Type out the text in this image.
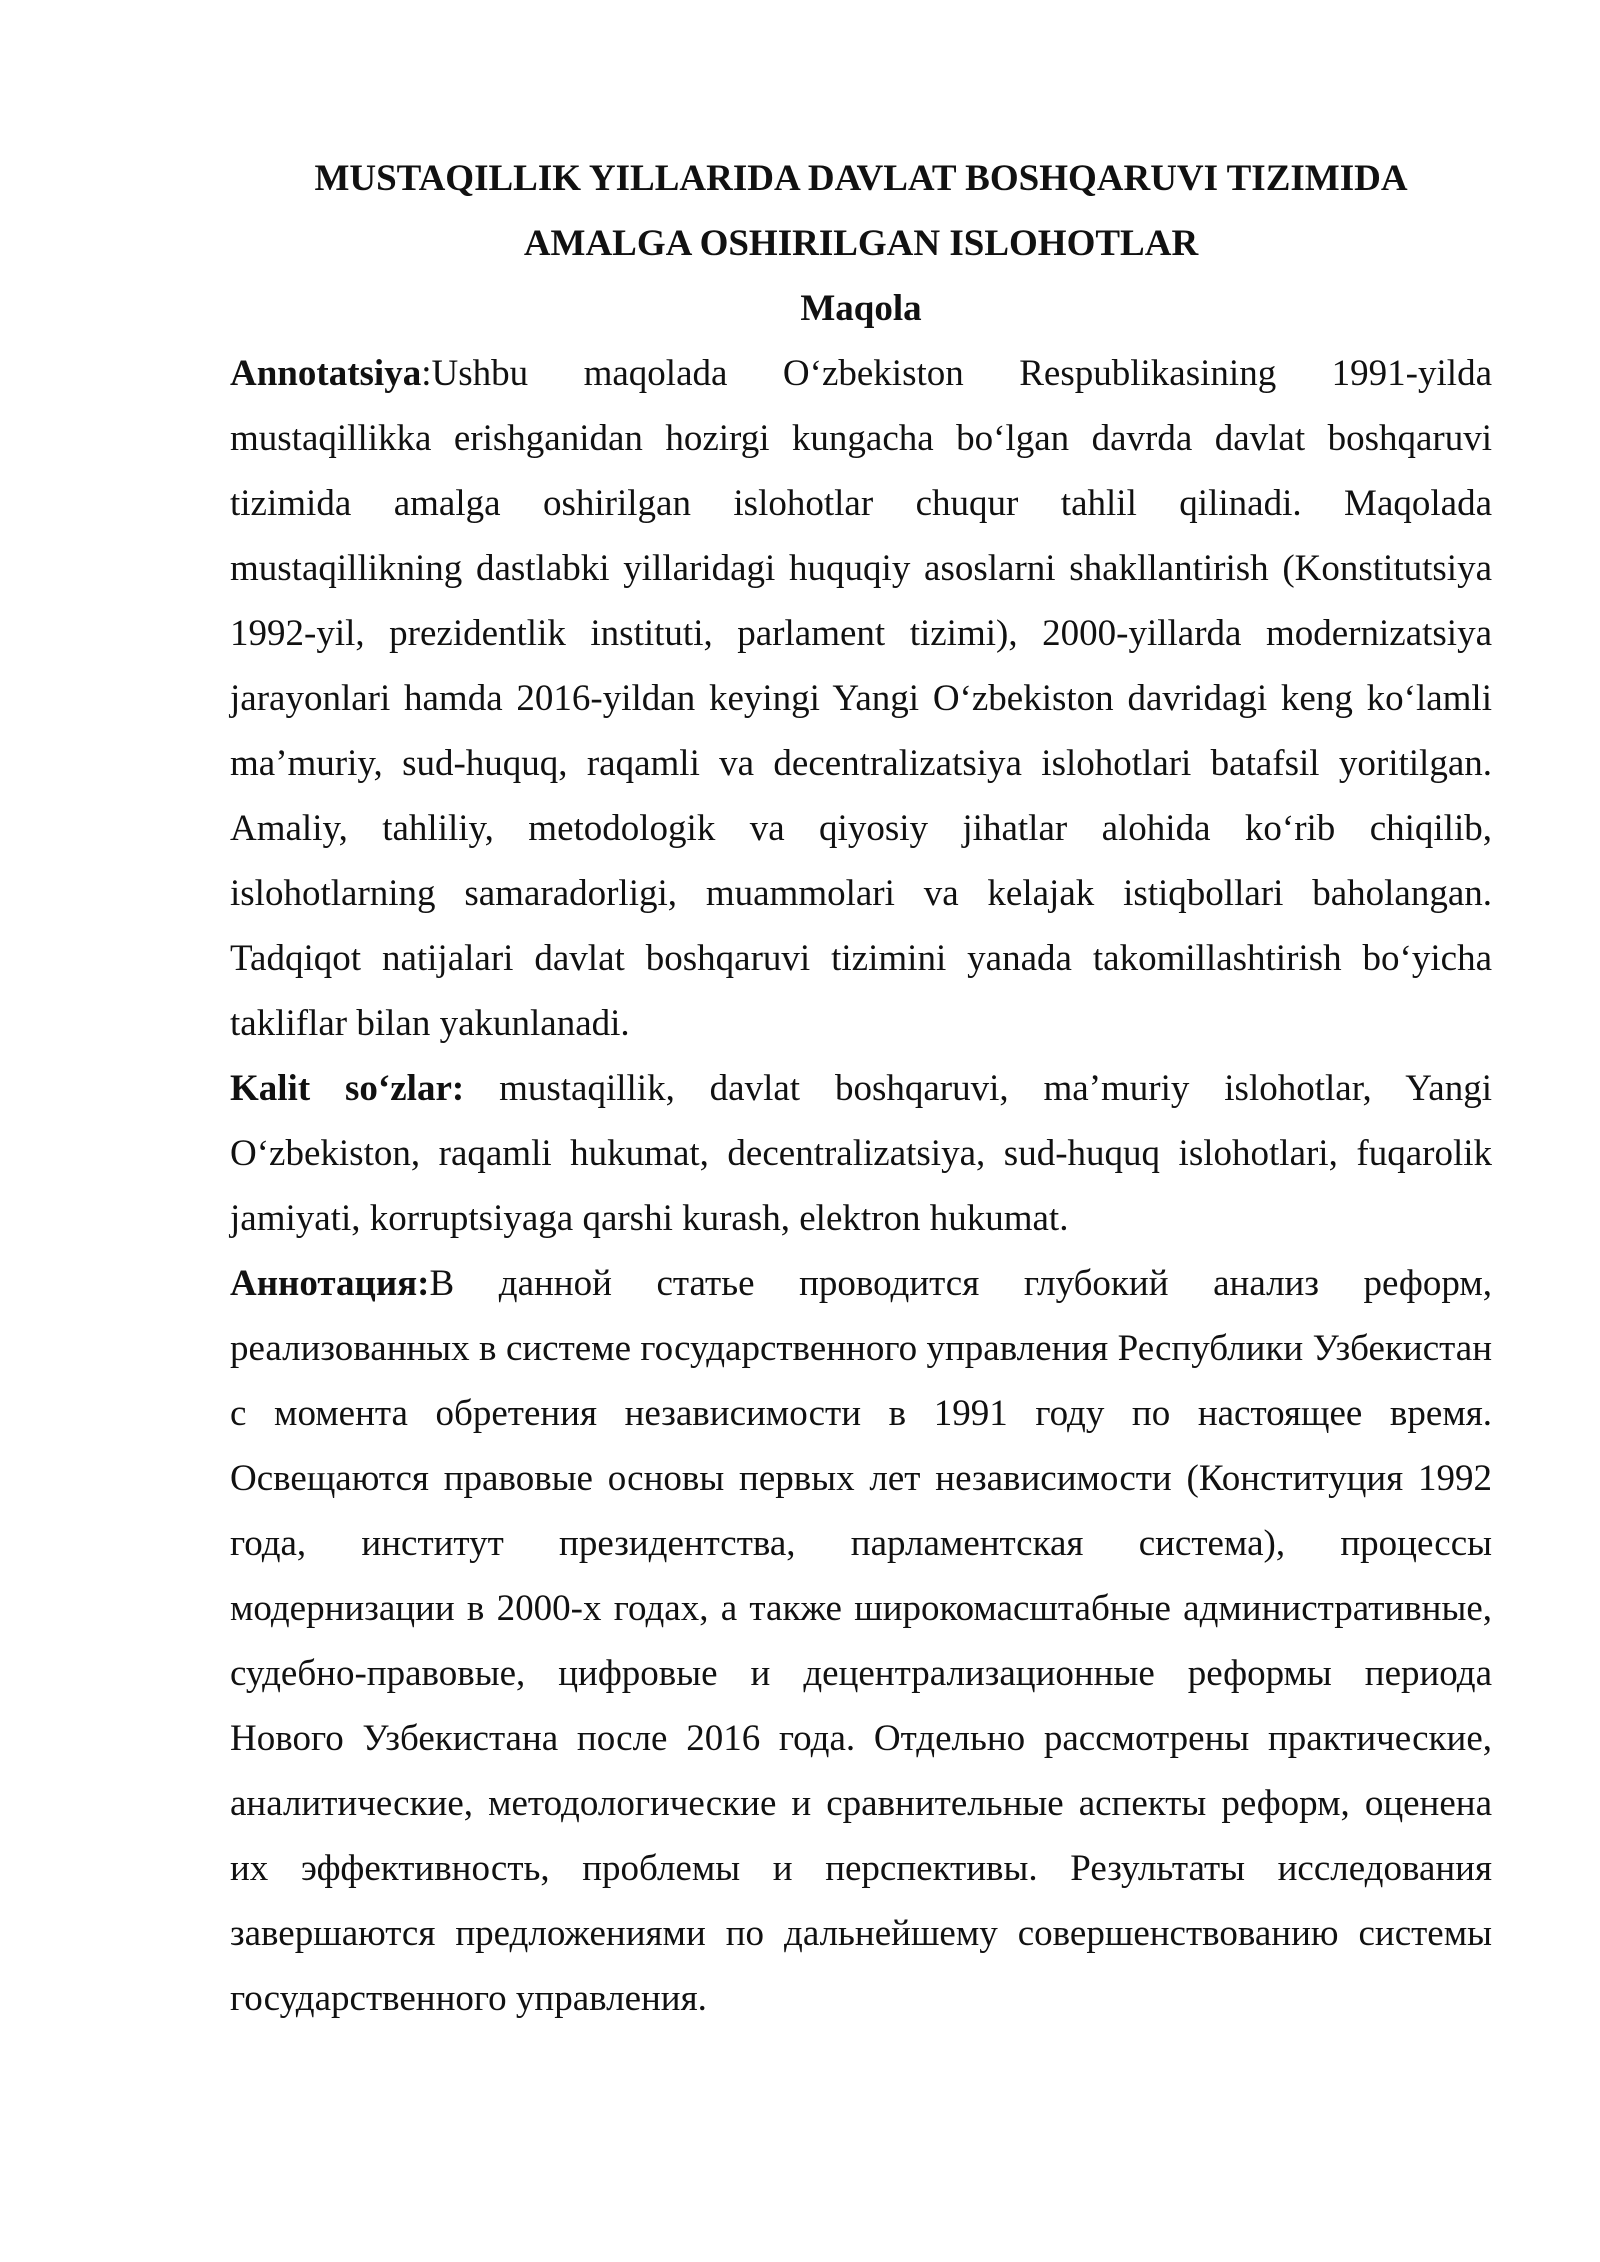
MUSTAQILLIK YILLARIDA DAVLAT BOSHQARUVI TIZIMIDA
AMALGA OSHIRILGAN ISLOHOTLAR

Maqola

Annotatsiya:Ushbu maqolada O‘zbekiston Respublikasining 1991-yilda mustaqillikka erishganidan hozirgi kungacha bo‘lgan davrda davlat boshqaruvi tizimida amalga oshirilgan islohotlar chuqur tahlil qilinadi. Maqolada mustaqillikning dastlabki yillaridagi huquqiy asoslarni shakllantirish (Konstitutsiya 1992-yil, prezidentlik instituti, parlament tizimi), 2000-yillarda modernizatsiya jarayonlari hamda 2016-yildan keyingi Yangi O‘zbekiston davridagi keng ko‘lamli ma’muriy, sud-huquq, raqamli va decentralizatsiya islohotlari batafsil yoritilgan. Amaliy, tahliliy, metodologik va qiyosiy jihatlar alohida ko‘rib chiqilib, islohotlarning samaradorligi, muammolari va kelajak istiqbollari baholangan. Tadqiqot natijalari davlat boshqaruvi tizimini yanada takomillashtirish bo‘yicha takliflar bilan yakunlanadi.

Kalit so‘zlar: mustaqillik, davlat boshqaruvi, ma’muriy islohotlar, Yangi O‘zbekiston, raqamli hukumat, decentralizatsiya, sud-huquq islohotlari, fuqarolik jamiyati, korruptsiyaga qarshi kurash, elektron hukumat.

Аннотация:В данной статье проводится глубокий анализ реформ, реализованных в системе государственного управления Республики Узбекистан с момента обретения независимости в 1991 году по настоящее время. Освещаются правовые основы первых лет независимости (Конституция 1992 года, институт президентства, парламентская система), процессы модернизации в 2000-х годах, а также широкомасштабные административные, судебно-правовые, цифровые и децентрализационные реформы периода Нового Узбекистана после 2016 года. Отдельно рассмотрены практические, аналитические, методологические и сравнительные аспекты реформ, оценена их эффективность, проблемы и перспективы. Результаты исследования завершаются предложениями по дальнейшему совершенствованию системы государственного управления.
